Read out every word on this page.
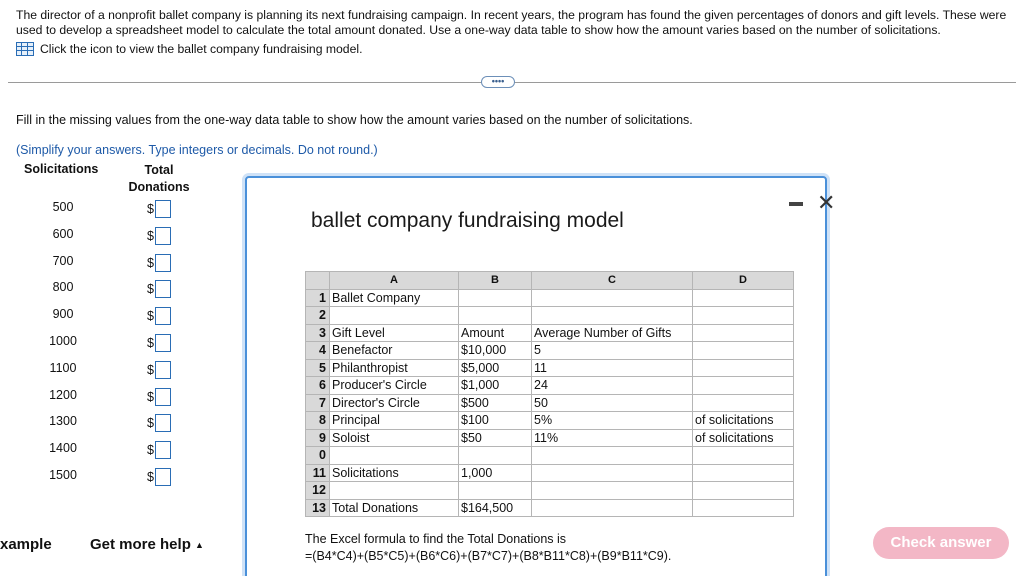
The director of a nonprofit ballet company is planning its next fundraising campaign. In recent years, the program has found the given percentages of donors and gift levels. These were used to develop a spreadsheet model to calculate the total amount donated. Use a one-way data table to show how the amount varies based on the number of solicitations.
Click the icon to view the ballet company fundraising model.
••••
Fill in the missing values from the one-way data table to show how the amount varies based on the number of solicitations.
(Simplify your answers. Type integers or decimals. Do not round.)
Solicitations	Total
Donations
500	$
600	$
700	$
800	$
900	$
1000	$
1100	$
1200	$
1300	$
1400	$
1500	$
ballet company fundraising model
✕
	A	B	C	D
1	Ballet Company			
2				
3	Gift Level	Amount	Average Number of Gifts	
4	Benefactor	$10,000	5	
5	Philanthropist	$5,000	11	
6	Producer's Circle	$1,000	24	
7	Director's Circle	$500	50	
8	Principal	$100	5%	of solicitations
9	Soloist	$50	11%	of solicitations
0				
11	Solicitations	1,000		
12				
13	Total Donations	$164,500		
The Excel formula to find the Total Donations is
=(B4*C4)+(B5*C5)+(B6*C6)+(B7*C7)+(B8*B11*C8)+(B9*B11*C9).
xample	Get more help ▲	Check answer
